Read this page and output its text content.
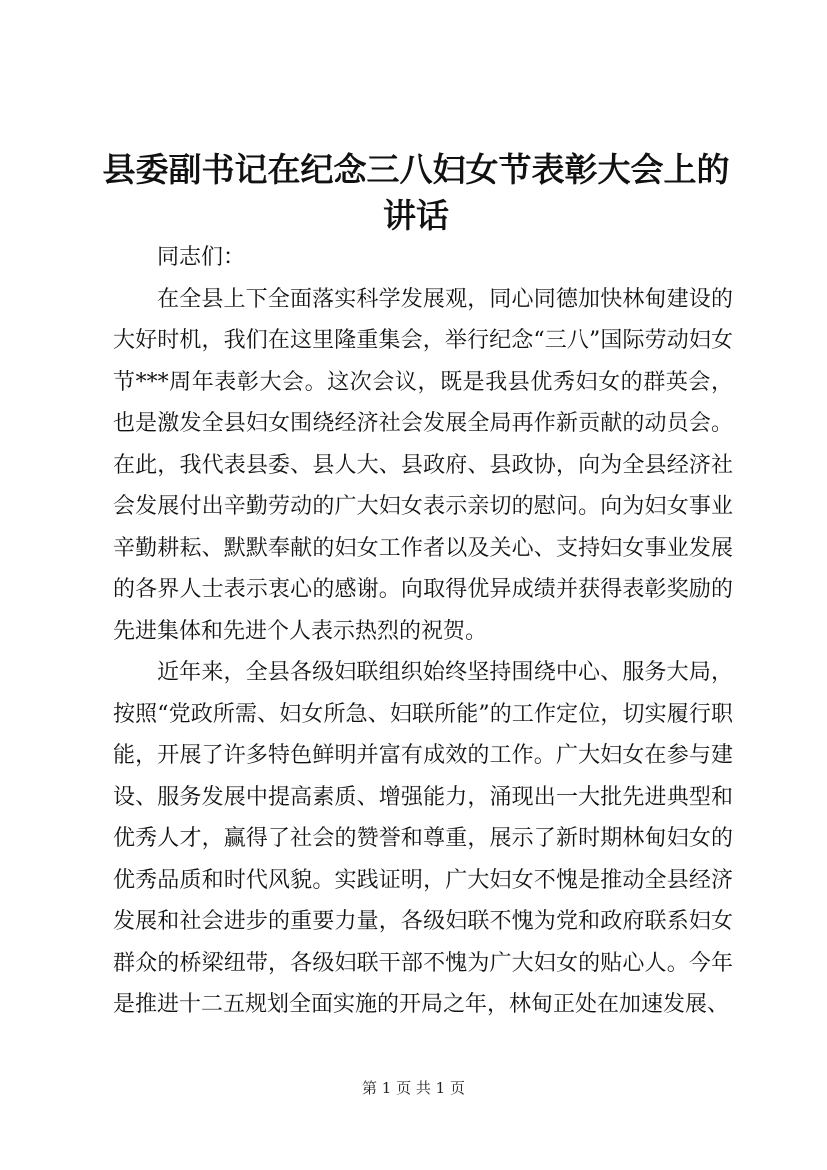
县委副书记在纪念三八妇女节表彰大会上的讲话

同志们：

在全县上下全面落实科学发展观，同心同德加快林甸建设的大好时机，我们在这里隆重集会，举行纪念“三八”国际劳动妇女节***周年表彰大会。这次会议，既是我县优秀妇女的群英会，也是激发全县妇女围绕经济社会发展全局再作新贡献的动员会。在此，我代表县委、县人大、县政府、县政协，向为全县经济社会发展付出辛勤劳动的广大妇女表示亲切的慰问。向为妇女事业辛勤耕耘、默默奉献的妇女工作者以及关心、支持妇女事业发展的各界人士表示衷心的感谢。向取得优异成绩并获得表彰奖励的先进集体和先进个人表示热烈的祝贺。

近年来，全县各级妇联组织始终坚持围绕中心、服务大局，按照“党政所需、妇女所急、妇联所能”的工作定位，切实履行职能，开展了许多特色鲜明并富有成效的工作。广大妇女在参与建设、服务发展中提高素质、增强能力，涌现出一大批先进典型和优秀人才，赢得了社会的赞誉和尊重，展示了新时期林甸妇女的优秀品质和时代风貌。实践证明，广大妇女不愧是推动全县经济发展和社会进步的重要力量，各级妇联不愧为党和政府联系妇女群众的桥梁纽带，各级妇联干部不愧为广大妇女的贴心人。今年是推进十二五规划全面实施的开局之年，林甸正处在加速发展、

第 1 页 共 1 页
